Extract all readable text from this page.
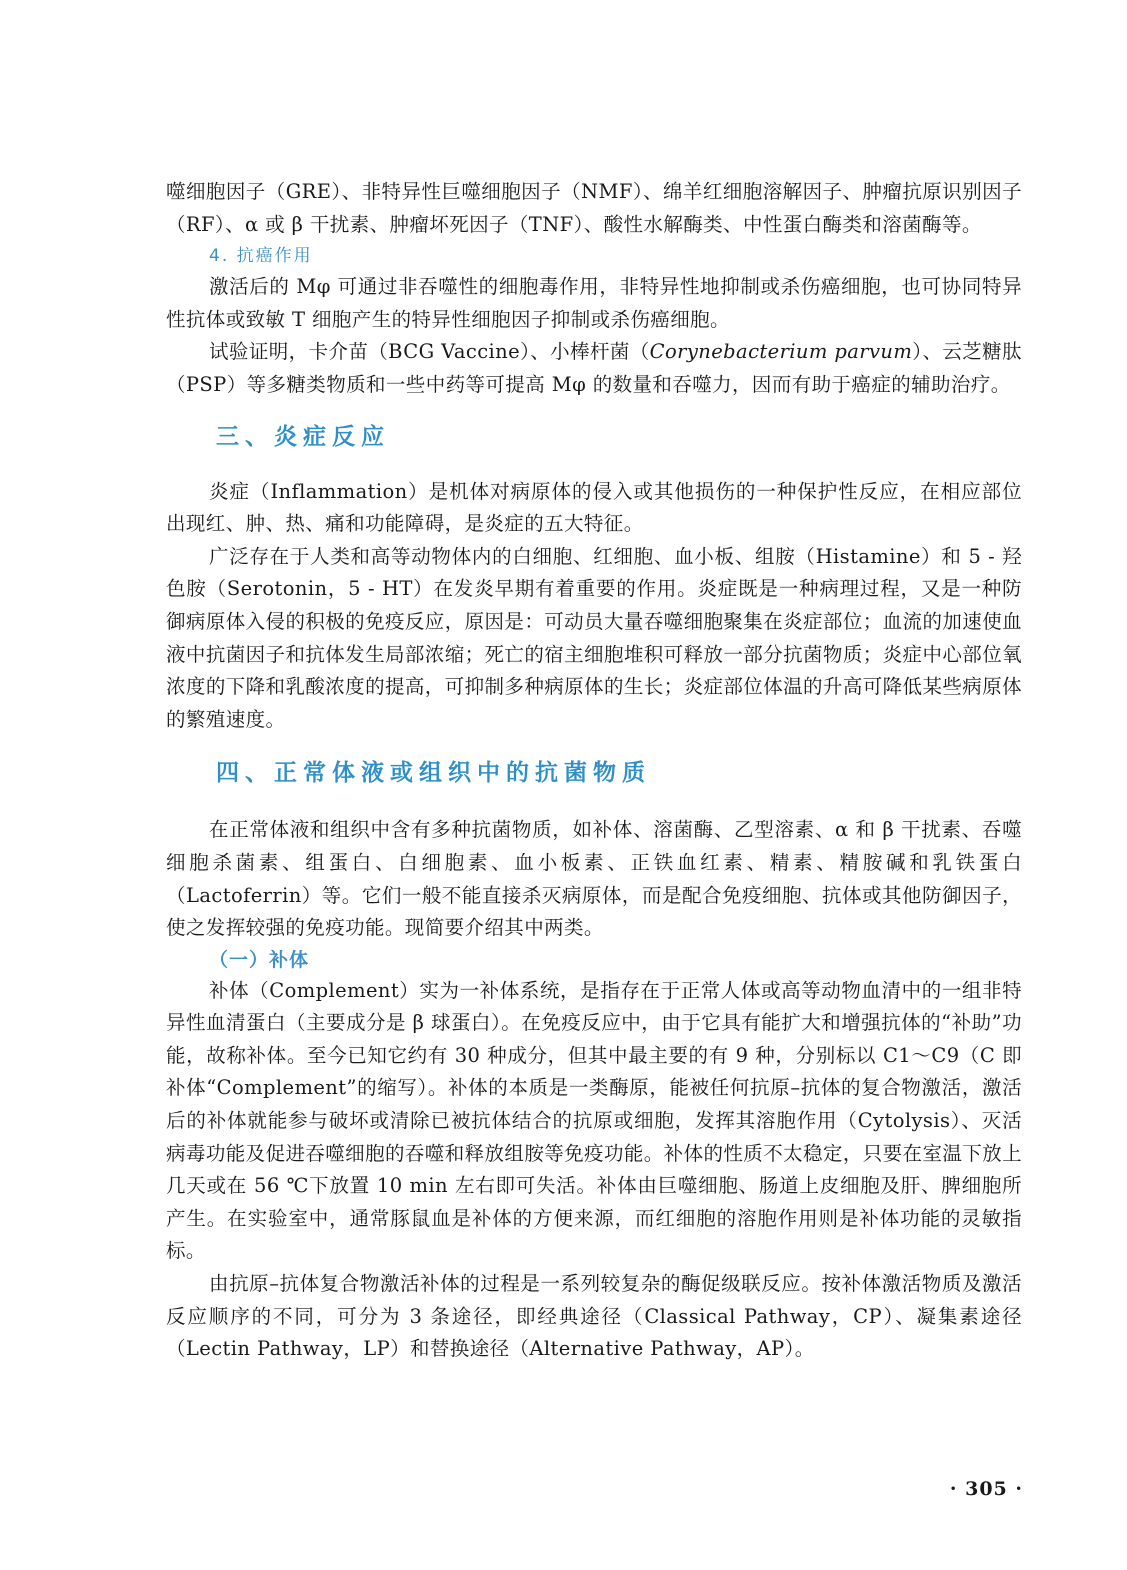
噬细胞因子（GRE）、非特异性巨噬细胞因子（NMF）、绵羊红细胞溶解因子、肿瘤抗原识别因子（RF）、α 或 β 干扰素、肿瘤坏死因子（TNF）、酸性水解酶类、中性蛋白酶类和溶菌酶等。

4. 抗癌作用

激活后的 Mφ 可通过非吞噬性的细胞毒作用，非特异性地抑制或杀伤癌细胞，也可协同特异性抗体或致敏 T 细胞产生的特异性细胞因子抑制或杀伤癌细胞。

试验证明，卡介苗（BCG Vaccine）、小棒杆菌（Corynebacterium parvum）、云芝糖肽（PSP）等多糖类物质和一些中药等可提高 Mφ 的数量和吞噬力，因而有助于癌症的辅助治疗。

三、炎症反应

炎症（Inflammation）是机体对病原体的侵入或其他损伤的一种保护性反应，在相应部位出现红、肿、热、痛和功能障碍，是炎症的五大特征。

广泛存在于人类和高等动物体内的白细胞、红细胞、血小板、组胺（Histamine）和 5 - 羟色胺（Serotonin，5 - HT）在发炎早期有着重要的作用。炎症既是一种病理过程，又是一种防御病原体入侵的积极的免疫反应，原因是：可动员大量吞噬细胞聚集在炎症部位；血流的加速使血液中抗菌因子和抗体发生局部浓缩；死亡的宿主细胞堆积可释放一部分抗菌物质；炎症中心部位氧浓度的下降和乳酸浓度的提高，可抑制多种病原体的生长；炎症部位体温的升高可降低某些病原体的繁殖速度。

四、正常体液或组织中的抗菌物质

在正常体液和组织中含有多种抗菌物质，如补体、溶菌酶、乙型溶素、α 和 β 干扰素、吞噬细胞杀菌素、组蛋白、白细胞素、血小板素、正铁血红素、精素、精胺碱和乳铁蛋白（Lactoferrin）等。它们一般不能直接杀灭病原体，而是配合免疫细胞、抗体或其他防御因子，使之发挥较强的免疫功能。现简要介绍其中两类。

（一）补体

补体（Complement）实为一补体系统，是指存在于正常人体或高等动物血清中的一组非特异性血清蛋白（主要成分是 β 球蛋白）。在免疫反应中，由于它具有能扩大和增强抗体的“补助”功能，故称补体。至今已知它约有 30 种成分，但其中最主要的有 9 种，分别标以 C1～C9（C 即补体“Complement”的缩写）。补体的本质是一类酶原，能被任何抗原–抗体的复合物激活，激活后的补体就能参与破坏或清除已被抗体结合的抗原或细胞，发挥其溶胞作用（Cytolysis）、灭活病毒功能及促进吞噬细胞的吞噬和释放组胺等免疫功能。补体的性质不太稳定，只要在室温下放上几天或在 56 ℃下放置 10 min 左右即可失活。补体由巨噬细胞、肠道上皮细胞及肝、脾细胞所产生。在实验室中，通常豚鼠血是补体的方便来源，而红细胞的溶胞作用则是补体功能的灵敏指标。

由抗原–抗体复合物激活补体的过程是一系列较复杂的酶促级联反应。按补体激活物质及激活反应顺序的不同，可分为 3 条途径，即经典途径（Classical Pathway，CP）、凝集素途径（Lectin Pathway，LP）和替换途径（Alternative Pathway，AP）。

· 305 ·
